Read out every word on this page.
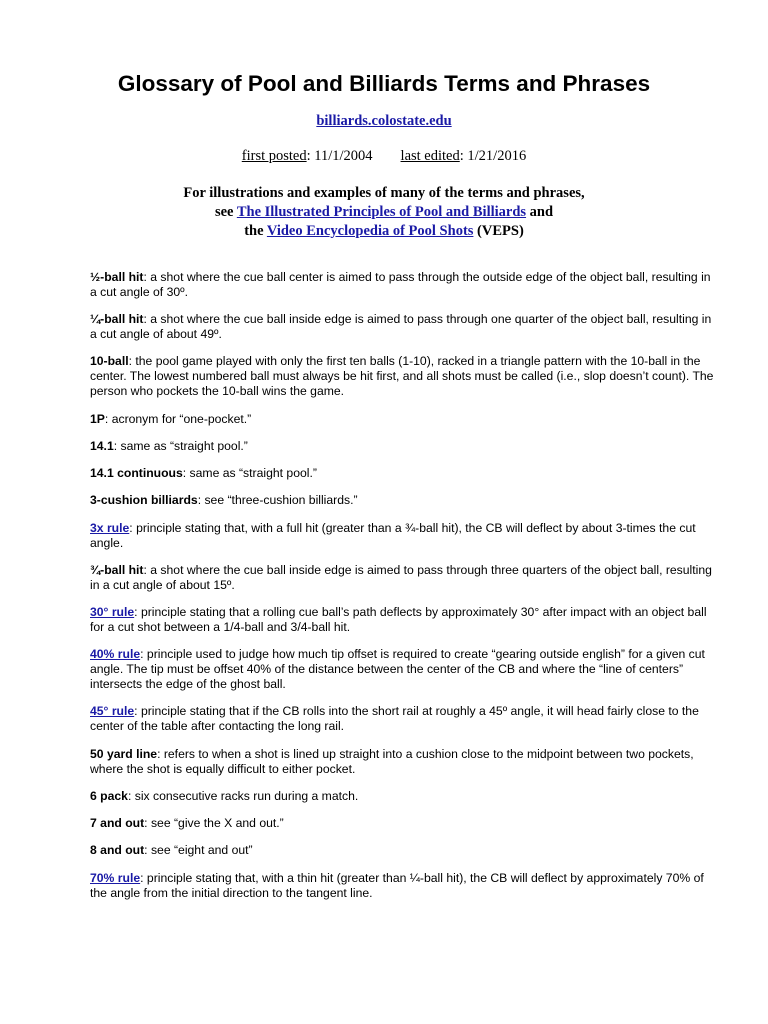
Glossary of Pool and Billiards Terms and Phrases
billiards.colostate.edu
first posted: 11/1/2004 last edited: 1/21/2016
For illustrations and examples of many of the terms and phrases,
see The Illustrated Principles of Pool and Billiards and
the Video Encyclopedia of Pool Shots (VEPS)
½-ball hit: a shot where the cue ball center is aimed to pass through the outside edge of the object ball, resulting in a cut angle of 30º.
¼-ball hit: a shot where the cue ball inside edge is aimed to pass through one quarter of the object ball, resulting in a cut angle of about 49º.
10-ball: the pool game played with only the first ten balls (1-10), racked in a triangle pattern with the 10-ball in the center. The lowest numbered ball must always be hit first, and all shots must be called (i.e., slop doesn’t count). The person who pockets the 10-ball wins the game.
1P: acronym for “one-pocket.”
14.1: same as “straight pool.”
14.1 continuous: same as “straight pool.”
3-cushion billiards: see “three-cushion billiards.”
3x rule: principle stating that, with a full hit (greater than a ¾-ball hit), the CB will deflect by about 3-times the cut angle.
¾-ball hit: a shot where the cue ball inside edge is aimed to pass through three quarters of the object ball, resulting in a cut angle of about 15º.
30° rule: principle stating that a rolling cue ball’s path deflects by approximately 30° after impact with an object ball for a cut shot between a 1/4-ball and 3/4-ball hit.
40% rule: principle used to judge how much tip offset is required to create “gearing outside english” for a given cut angle. The tip must be offset 40% of the distance between the center of the CB and where the “line of centers” intersects the edge of the ghost ball.
45° rule: principle stating that if the CB rolls into the short rail at roughly a 45º angle, it will head fairly close to the center of the table after contacting the long rail.
50 yard line: refers to when a shot is lined up straight into a cushion close to the midpoint between two pockets, where the shot is equally difficult to either pocket.
6 pack: six consecutive racks run during a match.
7 and out: see “give the X and out.”
8 and out: see “eight and out”
70% rule: principle stating that, with a thin hit (greater than ¼-ball hit), the CB will deflect by approximately 70% of the angle from the initial direction to the tangent line.
